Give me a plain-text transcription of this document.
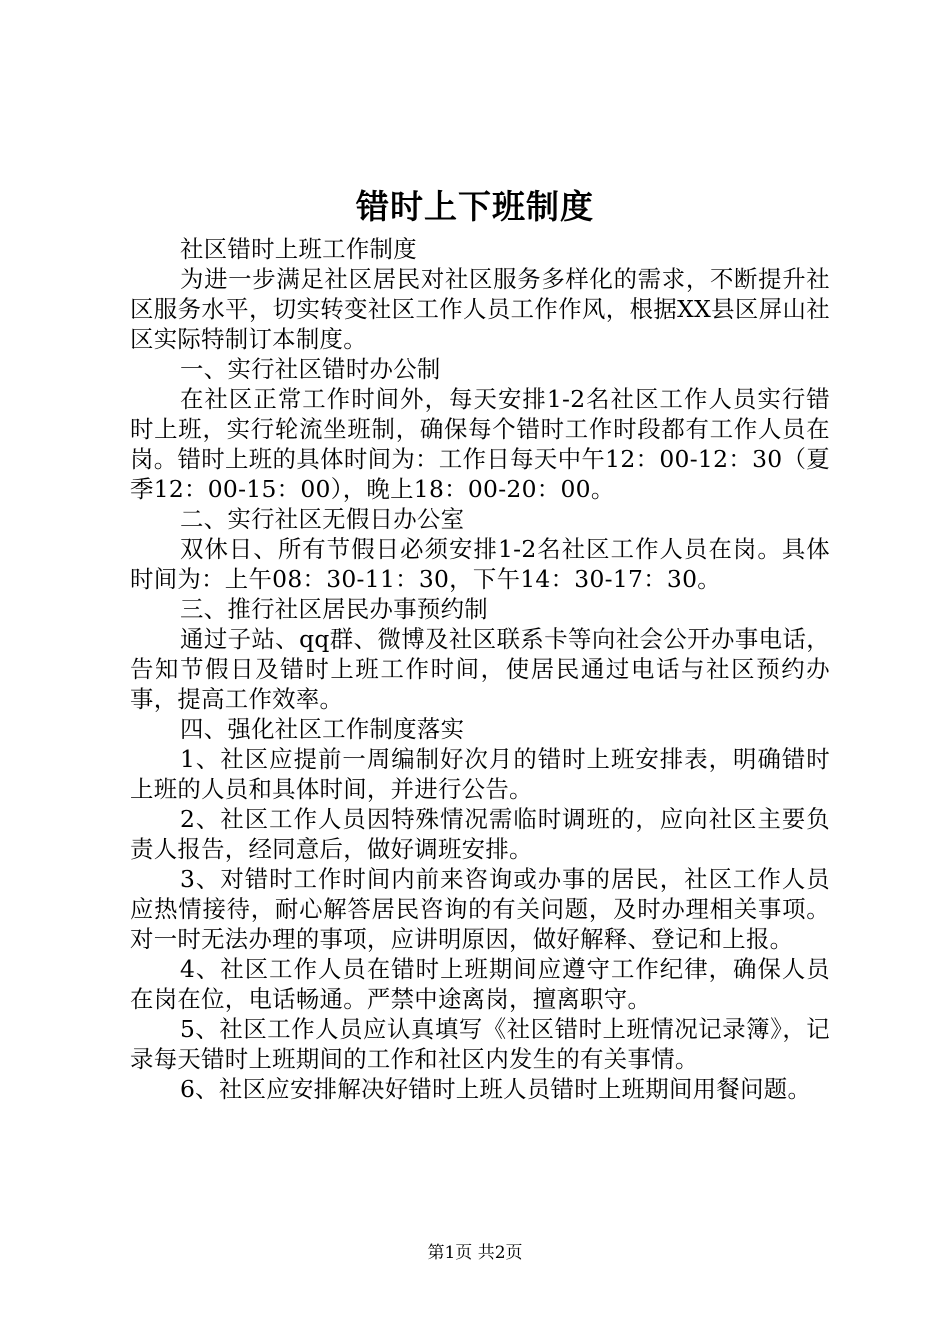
错时上下班制度

社区错时上班工作制度

为进一步满足社区居民对社区服务多样化的需求，不断提升社区服务水平，切实转变社区工作人员工作作风，根据XX县区屏山社区实际特制订本制度。

一、实行社区错时办公制

在社区正常工作时间外，每天安排1-2名社区工作人员实行错时上班，实行轮流坐班制，确保每个错时工作时段都有工作人员在岗。错时上班的具体时间为：工作日每天中午12：00-12：30（夏季12：00-15：00），晚上18：00-20：00。

二、实行社区无假日办公室

双休日、所有节假日必须安排1-2名社区工作人员在岗。具体时间为：上午08：30-11：30，下午14：30-17：30。

三、推行社区居民办事预约制

通过子站、qq群、微博及社区联系卡等向社会公开办事电话，告知节假日及错时上班工作时间，使居民通过电话与社区预约办事，提高工作效率。

四、强化社区工作制度落实

1、社区应提前一周编制好次月的错时上班安排表，明确错时上班的人员和具体时间，并进行公告。

2、社区工作人员因特殊情况需临时调班的，应向社区主要负责人报告，经同意后，做好调班安排。

3、对错时工作时间内前来咨询或办事的居民，社区工作人员应热情接待，耐心解答居民咨询的有关问题，及时办理相关事项。对一时无法办理的事项，应讲明原因，做好解释、登记和上报。

4、社区工作人员在错时上班期间应遵守工作纪律，确保人员在岗在位，电话畅通。严禁中途离岗，擅离职守。

5、社区工作人员应认真填写《社区错时上班情况记录簿》，记录每天错时上班期间的工作和社区内发生的有关事情。

6、社区应安排解决好错时上班人员错时上班期间用餐问题。

第1页 共2页
